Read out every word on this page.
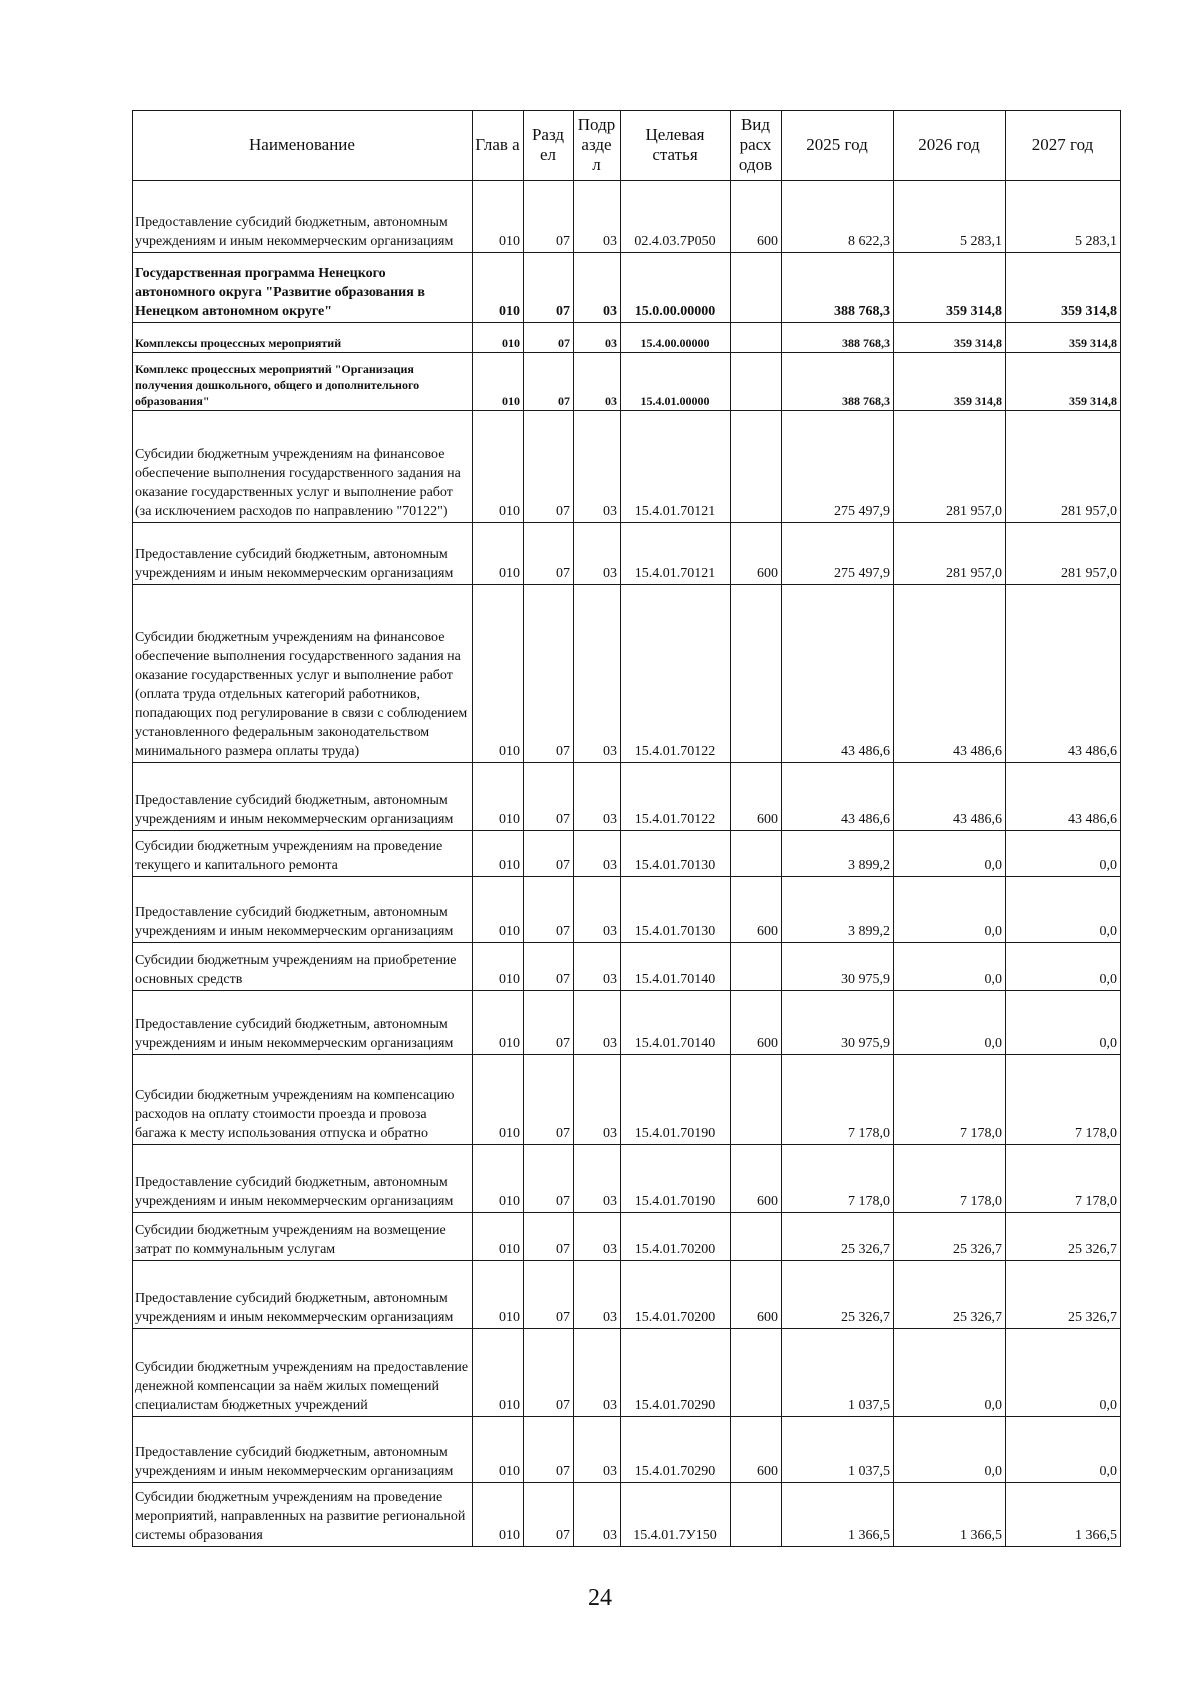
Наименование	Глав а	Разд ел	Подр азде л	Целевая статья	Вид расх одов	2025 год	2026 год	2027 год
Предоставление субсидий бюджетным, автономным учреждениям и иным некоммерческим организациям	010	07	03	02.4.03.7Р050	600	8 622,3	5 283,1	5 283,1
Государственная программа Ненецкого автономного округа "Развитие образования в Ненецком автономном округе"	010	07	03	15.0.00.00000		388 768,3	359 314,8	359 314,8
Комплексы процессных мероприятий	010	07	03	15.4.00.00000		388 768,3	359 314,8	359 314,8
Комплекс процессных мероприятий "Организация получения дошкольного, общего и дополнительного образования"	010	07	03	15.4.01.00000		388 768,3	359 314,8	359 314,8
Субсидии бюджетным учреждениям на финансовое обеспечение выполнения государственного задания на оказание государственных услуг и выполнение работ (за исключением расходов по направлению "70122")	010	07	03	15.4.01.70121		275 497,9	281 957,0	281 957,0
Предоставление субсидий бюджетным, автономным учреждениям и иным некоммерческим организациям	010	07	03	15.4.01.70121	600	275 497,9	281 957,0	281 957,0
Субсидии бюджетным учреждениям на финансовое обеспечение выполнения государственного задания на оказание государственных услуг и выполнение работ (оплата труда отдельных категорий работников, попадающих под регулирование в связи с соблюдением установленного федеральным законодательством минимального размера оплаты труда)	010	07	03	15.4.01.70122		43 486,6	43 486,6	43 486,6
Предоставление субсидий бюджетным, автономным учреждениям и иным некоммерческим организациям	010	07	03	15.4.01.70122	600	43 486,6	43 486,6	43 486,6
Субсидии бюджетным учреждениям на проведение текущего и капитального ремонта	010	07	03	15.4.01.70130		3 899,2	0,0	0,0
Предоставление субсидий бюджетным, автономным учреждениям и иным некоммерческим организациям	010	07	03	15.4.01.70130	600	3 899,2	0,0	0,0
Субсидии бюджетным учреждениям на приобретение основных средств	010	07	03	15.4.01.70140		30 975,9	0,0	0,0
Предоставление субсидий бюджетным, автономным учреждениям и иным некоммерческим организациям	010	07	03	15.4.01.70140	600	30 975,9	0,0	0,0
Субсидии бюджетным учреждениям на компенсацию расходов на оплату стоимости проезда и провоза багажа к месту использования отпуска и обратно	010	07	03	15.4.01.70190		7 178,0	7 178,0	7 178,0
Предоставление субсидий бюджетным, автономным учреждениям и иным некоммерческим организациям	010	07	03	15.4.01.70190	600	7 178,0	7 178,0	7 178,0
Субсидии бюджетным учреждениям на возмещение затрат по коммунальным услугам	010	07	03	15.4.01.70200		25 326,7	25 326,7	25 326,7
Предоставление субсидий бюджетным, автономным учреждениям и иным некоммерческим организациям	010	07	03	15.4.01.70200	600	25 326,7	25 326,7	25 326,7
Субсидии бюджетным учреждениям на предоставление денежной компенсации за наём жилых помещений специалистам бюджетных учреждений	010	07	03	15.4.01.70290		1 037,5	0,0	0,0
Предоставление субсидий бюджетным, автономным учреждениям и иным некоммерческим организациям	010	07	03	15.4.01.70290	600	1 037,5	0,0	0,0
Субсидии бюджетным учреждениям на проведение мероприятий, направленных на развитие региональной системы образования	010	07	03	15.4.01.7У150		1 366,5	1 366,5	1 366,5
24
